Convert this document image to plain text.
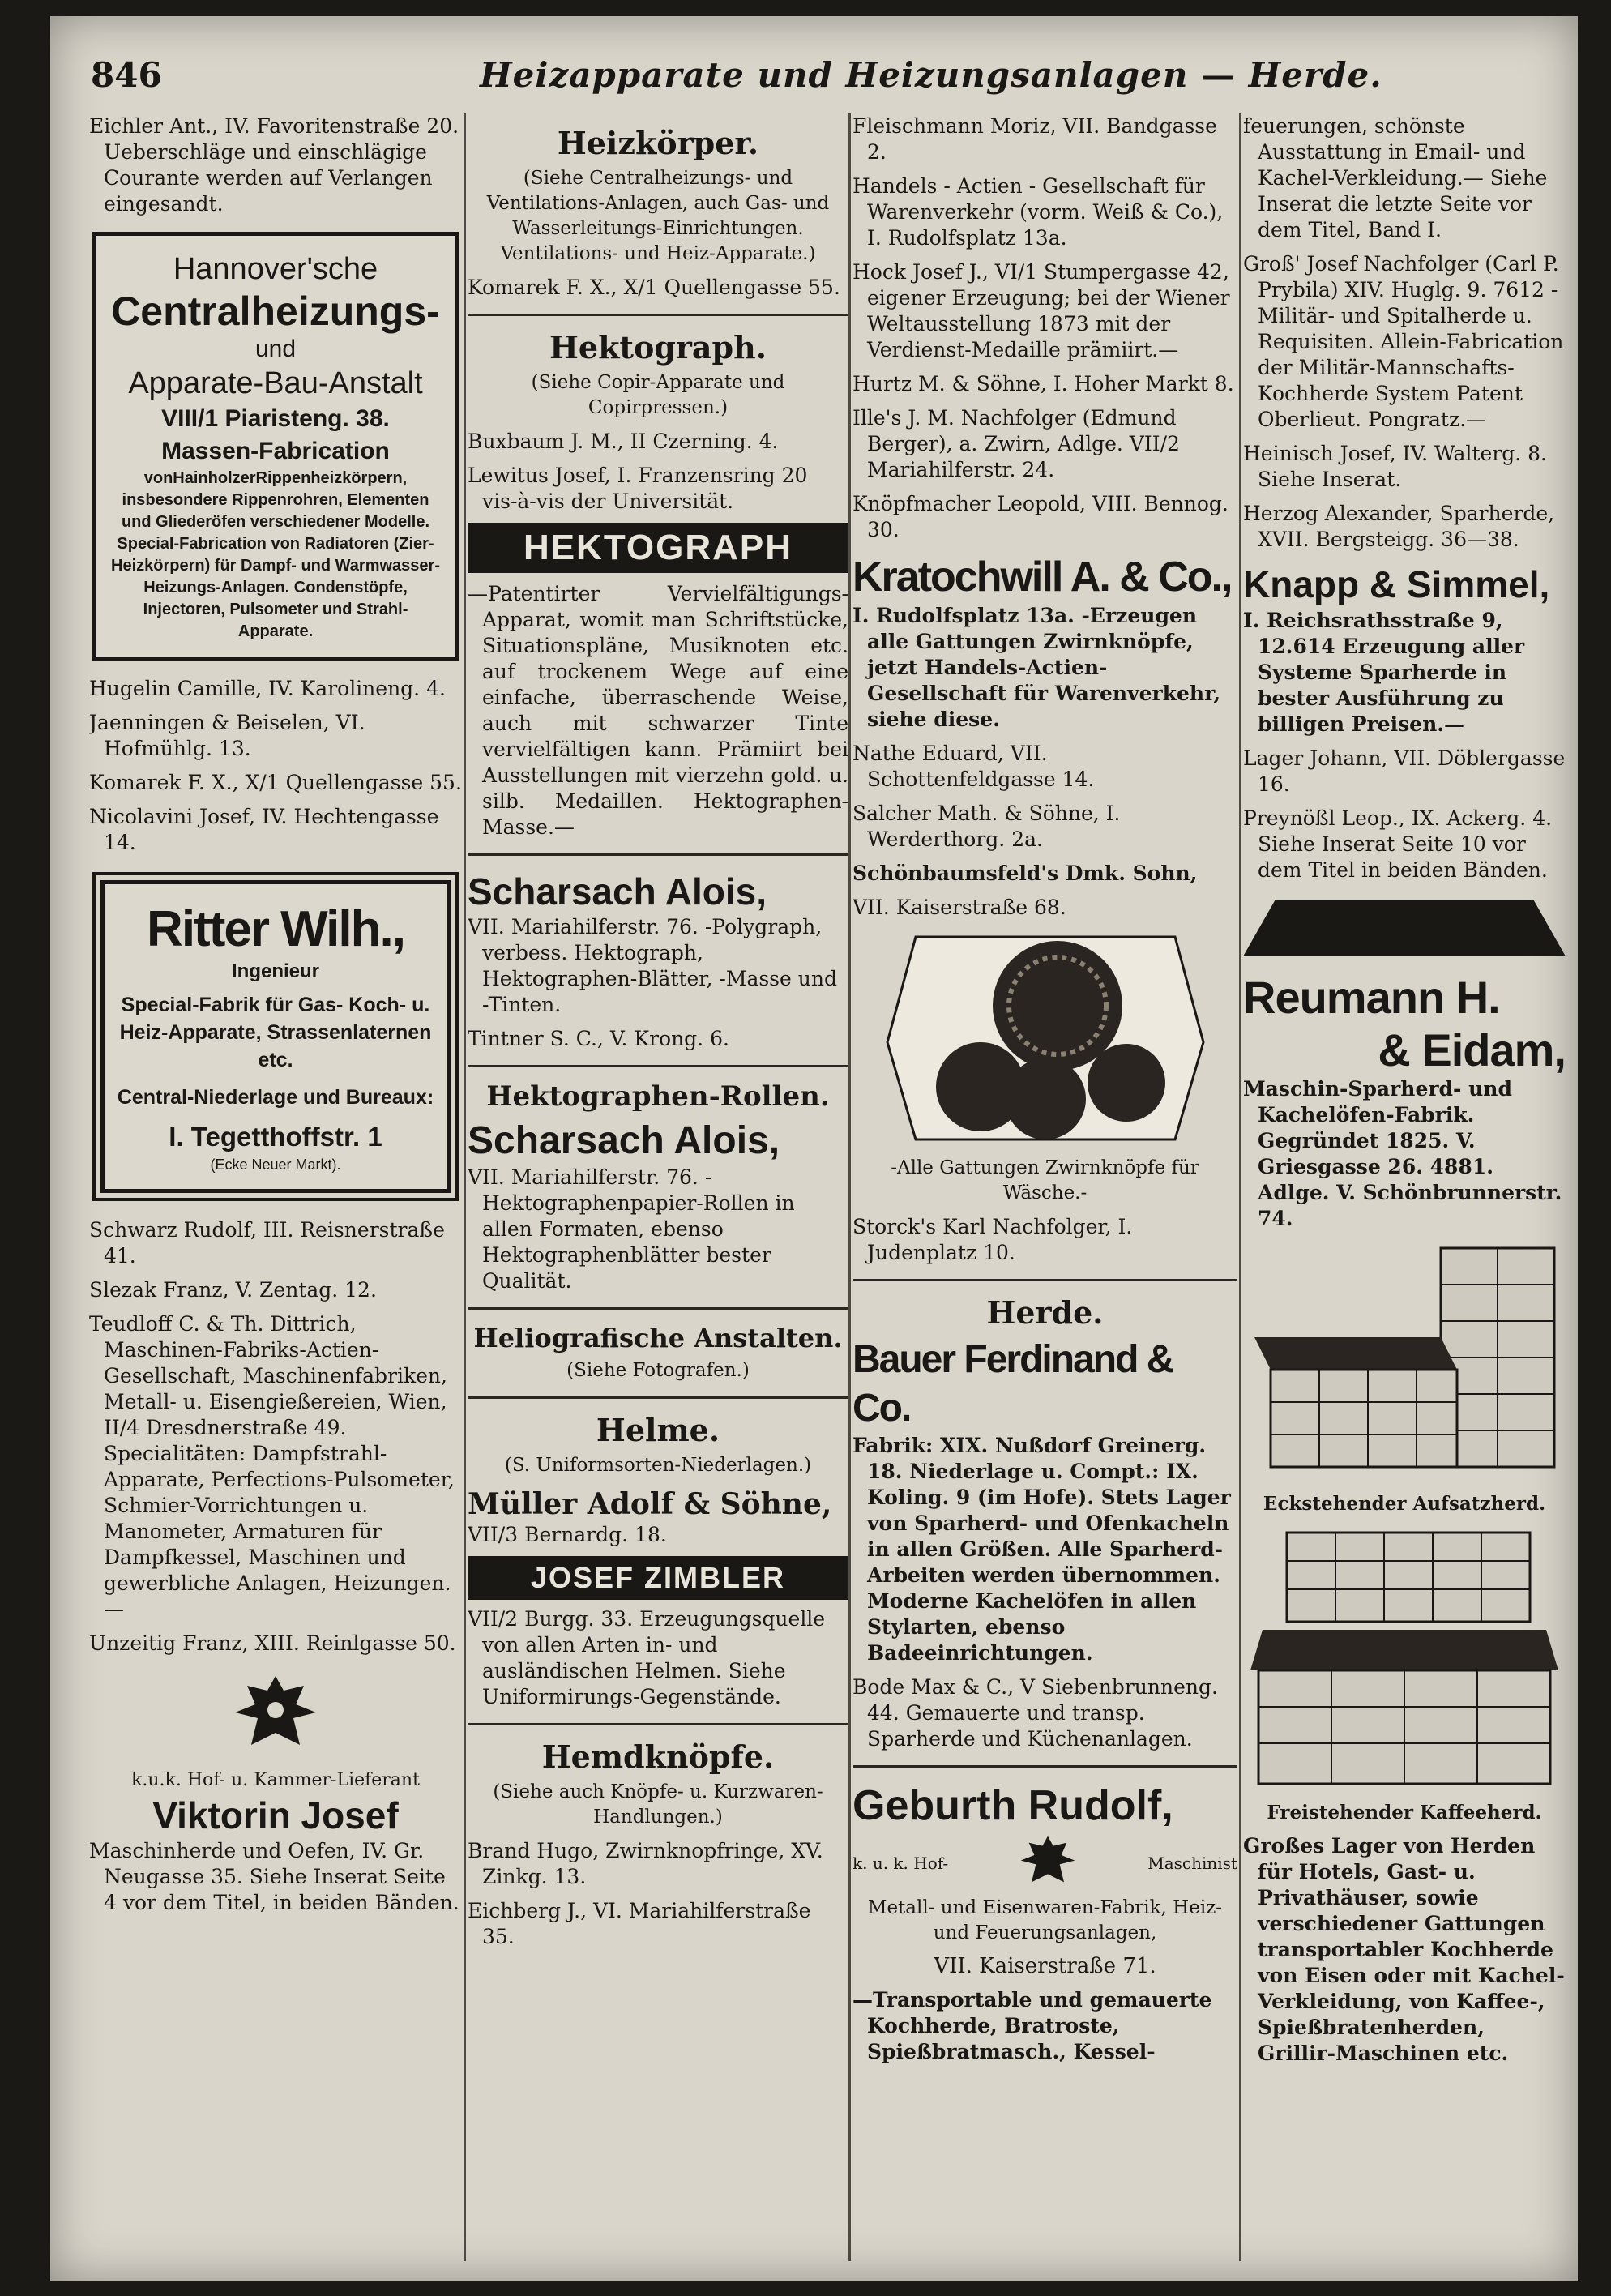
846	Heizapparate und Heizungsanlagen — Herde.

Eichler Ant., IV. Favoritenstraße 20. Ueberschläge und einschlägige Courante werden auf Verlangen eingesandt.

Hannover'sche
Centralheizungs-
und
Apparate-Bau-Anstalt
VIII/1 Piaristeng. 38.
Massen-Fabrication
vonHainholzerRippenheizkörpern, insbesondere Rippenrohren, Elementen und Gliederöfen verschiedener Modelle. Special-Fabrication von Radiatoren (Zier-Heizkörpern) für Dampf- und Warmwasser-Heizungs-Anlagen. Condenstöpfe, Injectoren, Pulsometer und Strahl-Apparate.

Hugelin Camille, IV. Karolineng. 4.

Jaenningen & Beiselen, VI. Hofmühlg. 13.

Komarek F. X., X/1 Quellengasse 55.

Nicolavini Josef, IV. Hechtengasse 14.

Ritter Wilh.,
Ingenieur
Special-Fabrik für Gas- Koch- u. Heiz-Apparate, Strassenlaternen etc.
Central-Niederlage und Bureaux:
I. Tegetthoffstr. 1
(Ecke Neuer Markt).

Schwarz Rudolf, III. Reisnerstraße 41.

Slezak Franz, V. Zentag. 12.

Teudloff C. & Th. Dittrich, Maschinen-Fabriks-Actien-Gesellschaft, Maschinenfabriken, Metall- u. Eisengießereien, Wien, II/4 Dresdnerstraße 49. Specialitäten: Dampfstrahl-Apparate, Perfections-Pulsometer, Schmier-Vorrichtungen u. Manometer, Armaturen für Dampfkessel, Maschinen und gewerbliche Anlagen, Heizungen.—

Unzeitig Franz, XIII. Reinlgasse 50.

k.u.k. Hof- u. Kammer-Lieferant
Viktorin Josef

Maschinherde und Oefen, IV. Gr. Neugasse 35. Siehe Inserat Seite 4 vor dem Titel, in beiden Bänden.

Heizkörper.

(Siehe Centralheizungs- und Ventilations-Anlagen, auch Gas- und Wasserleitungs-Einrichtungen. Ventilations- und Heiz-Apparate.)

Komarek F. X., X/1 Quellengasse 55.

Hektograph.

(Siehe Copir-Apparate und Copirpressen.)

Buxbaum J. M., II Czerning. 4.

Lewitus Josef, I. Franzensring 20 vis-à-vis der Universität.

HEKTOGRAPH

—Patentirter Vervielfältigungs-Apparat, womit man Schriftstücke, Situationspläne, Musiknoten etc. auf trockenem Wege auf eine einfache, überraschende Weise, auch mit schwarzer Tinte vervielfältigen kann. Prämiirt bei Ausstellungen mit vierzehn gold. u. silb. Medaillen. Hektographen-Masse.—

Scharsach Alois,

VII. Mariahilferstr. 76. -Polygraph, verbess. Hektograph, Hektographen-Blätter, -Masse und -Tinten.

Tintner S. C., V. Krong. 6.

Hektographen-Rollen.
Scharsach Alois,

VII. Mariahilferstr. 76. -Hektographenpapier-Rollen in allen Formaten, ebenso Hektographenblätter bester Qualität.

Heliografische Anstalten.

(Siehe Fotografen.)

Helme.

(S. Uniformsorten-Niederlagen.)

Müller Adolf & Söhne,

VII/3 Bernardg. 18.

JOSEF ZIMBLER

VII/2 Burgg. 33. Erzeugungsquelle von allen Arten in- und ausländischen Helmen. Siehe Uniformirungs-Gegenstände.

Hemdknöpfe.

(Siehe auch Knöpfe- u. Kurzwaren-Handlungen.)

Brand Hugo, Zwirnknopfringe, XV. Zinkg. 13.

Eichberg J., VI. Mariahilferstraße 35.

Fleischmann Moriz, VII. Bandgasse 2.

Handels - Actien - Gesellschaft für Warenverkehr (vorm. Weiß & Co.), I. Rudolfsplatz 13a.

Hock Josef J., VI/1 Stumpergasse 42, eigener Erzeugung; bei der Wiener Weltausstellung 1873 mit der Verdienst-Medaille prämiirt.—

Hurtz M. & Söhne, I. Hoher Markt 8.

Ille's J. M. Nachfolger (Edmund Berger), a. Zwirn, Adlge. VII/2 Mariahilferstr. 24.

Knöpfmacher Leopold, VIII. Bennog. 30.

Kratochwill A. & Co.,

I. Rudolfsplatz 13a. -Erzeugen alle Gattungen Zwirnknöpfe, jetzt Handels-Actien-Gesellschaft für Warenverkehr, siehe diese.

Nathe Eduard, VII. Schottenfeldgasse 14.

Salcher Math. & Söhne, I. Werderthorg. 2a.

Schönbaumsfeld's Dmk. Sohn,

VII. Kaiserstraße 68.

-Alle Gattungen Zwirnknöpfe für Wäsche.-

Storck's Karl Nachfolger, I. Judenplatz 10.

Herde.
Bauer Ferdinand & Co.

Fabrik: XIX. Nußdorf Greinerg. 18. Niederlage u. Compt.: IX. Koling. 9 (im Hofe). Stets Lager von Sparherd- und Ofenkacheln in allen Größen. Alle Sparherd-Arbeiten werden übernommen. Moderne Kachelöfen in allen Stylarten, ebenso Badeeinrichtungen.

Bode Max & C., V Siebenbrunneng. 44. Gemauerte und transp. Sparherde und Küchenanlagen.

Geburth Rudolf,
k. u. k. Hof-	Maschinist

Metall- und Eisenwaren-Fabrik, Heiz- und Feuerungsanlagen,

VII. Kaiserstraße 71.

—Transportable und gemauerte Kochherde, Bratroste, Spießbratmasch., Kessel-

feuerungen, schönste Ausstattung in Email- und Kachel-Verkleidung.— Siehe Inserat die letzte Seite vor dem Titel, Band I.

Groß' Josef Nachfolger (Carl P. Prybila) XIV. Huglg. 9. 7612 -Militär- und Spitalherde u. Requisiten. Allein-Fabrication der Militär-Mannschafts-Kochherde System Patent Oberlieut. Pongratz.—

Heinisch Josef, IV. Walterg. 8. Siehe Inserat.

Herzog Alexander, Sparherde, XVII. Bergsteigg. 36—38.

Knapp & Simmel,

I. Reichsrathsstraße 9, 12.614 Erzeugung aller Systeme Sparherde in bester Ausführung zu billigen Preisen.—

Lager Johann, VII. Döblergasse 16.

Preynößl Leop., IX. Ackerg. 4. Siehe Inserat Seite 10 vor dem Titel in beiden Bänden.

Reumann H.
& Eidam,

Maschin-Sparherd- und Kachelöfen-Fabrik. Gegründet 1825. V. Griesgasse 26. 4881. Adlge. V. Schönbrunnerstr. 74.

Eckstehender Aufsatzherd.

Freistehender Kaffeeherd.

Großes Lager von Herden für Hotels, Gast- u. Privathäuser, sowie verschiedener Gattungen transportabler Kochherde von Eisen oder mit Kachel-Verkleidung, von Kaffee-, Spießbratenherden, Grillir-Maschinen etc.
